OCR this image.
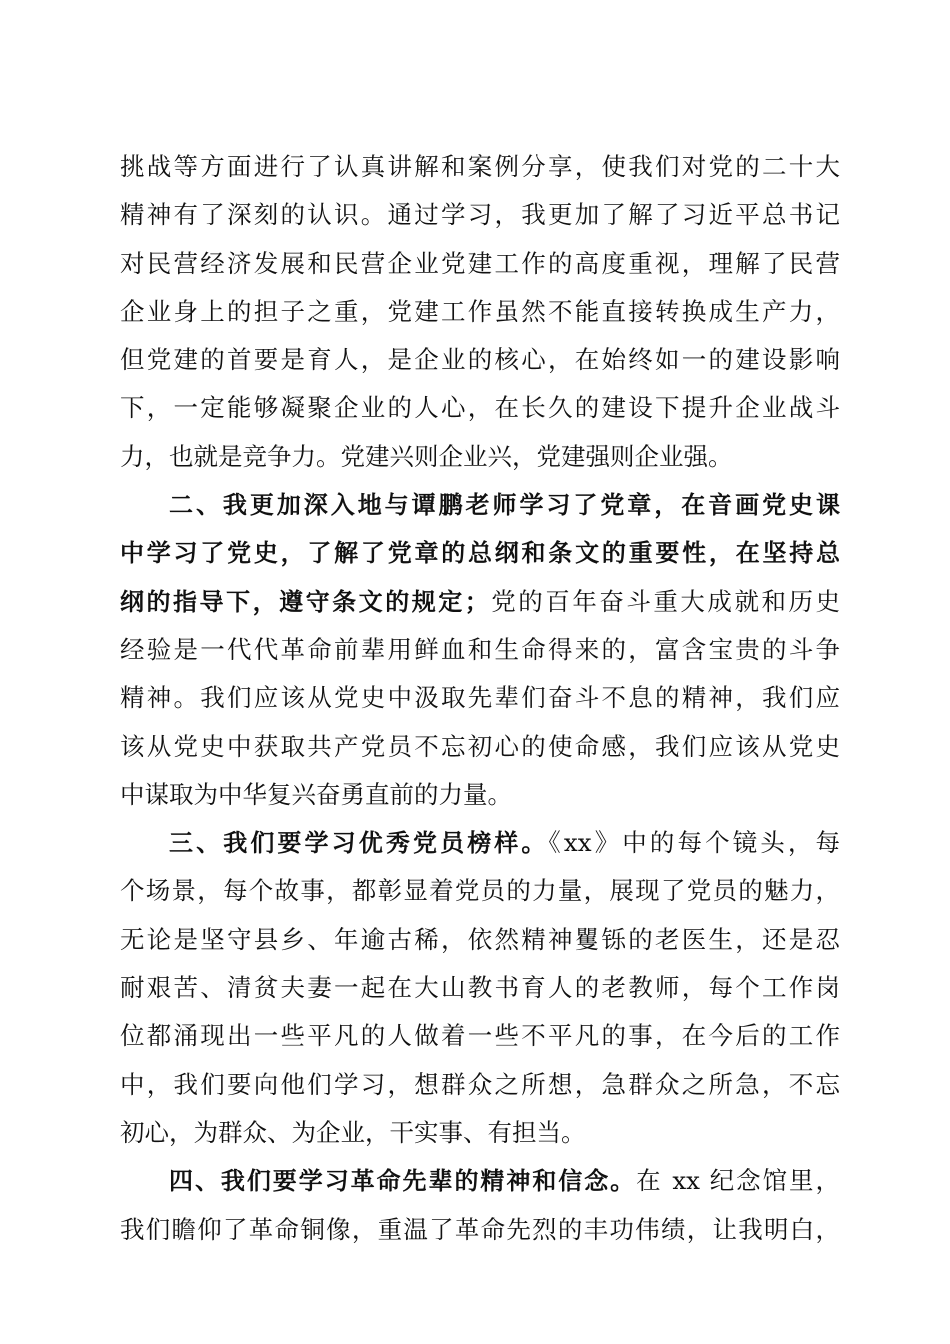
挑战等方面进行了认真讲解和案例分享，使我们对党的二十大
精神有了深刻的认识。通过学习，我更加了解了习近平总书记
对民营经济发展和民营企业党建工作的高度重视，理解了民营
企业身上的担子之重，党建工作虽然不能直接转换成生产力，
但党建的首要是育人，是企业的核心，在始终如一的建设影响
下，一定能够凝聚企业的人心，在长久的建设下提升企业战斗
力，也就是竞争力。党建兴则企业兴，党建强则企业强。
二、我更加深入地与谭鹏老师学习了党章，在音画党史课
中学习了党史，了解了党章的总纲和条文的重要性，在坚持总
纲的指导下，遵守条文的规定；党的百年奋斗重大成就和历史
经验是一代代革命前辈用鲜血和生命得来的，富含宝贵的斗争
精神。我们应该从党史中汲取先辈们奋斗不息的精神，我们应
该从党史中获取共产党员不忘初心的使命感，我们应该从党史
中谋取为中华复兴奋勇直前的力量。
三、我们要学习优秀党员榜样。《xx》中的每个镜头，每
个场景，每个故事，都彰显着党员的力量，展现了党员的魅力，
无论是坚守县乡、年逾古稀，依然精神矍铄的老医生，还是忍
耐艰苦、清贫夫妻一起在大山教书育人的老教师，每个工作岗
位都涌现出一些平凡的人做着一些不平凡的事，在今后的工作
中，我们要向他们学习，想群众之所想，急群众之所急，不忘
初心，为群众、为企业，干实事、有担当。
四、我们要学习革命先辈的精神和信念。在 xx 纪念馆里，
我们瞻仰了革命铜像，重温了革命先烈的丰功伟绩，让我明白，
